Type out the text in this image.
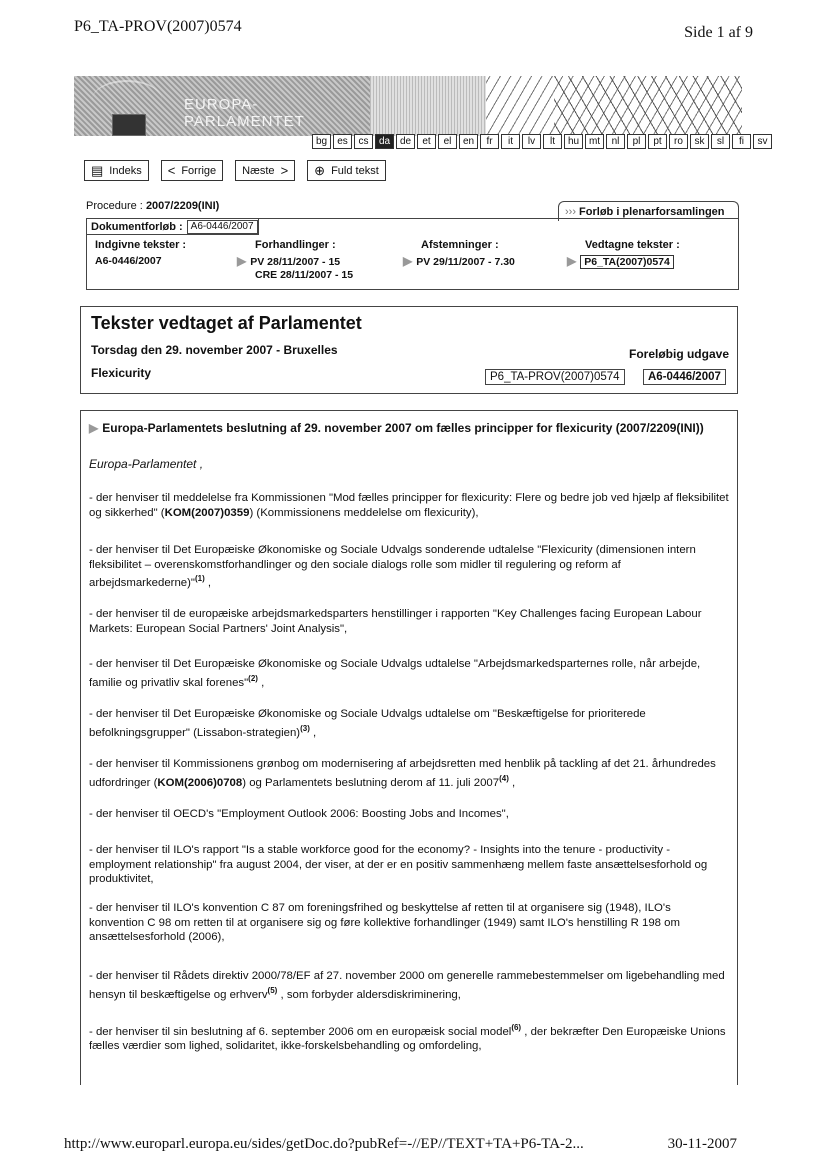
P6_TA-PROV(2007)0574	Side 1 af 9
EUROPA-PARLAMENTET
bg	es	cs	da de	et	el	en	fr	it	lv	lt	hu mt	nl	pl	pt	ro	sk	sl	fi	sv
▤ Indeks < Forrige Næste > ⊕ Fuld tekst
Procedure : 2007/2209(INI)	››› Forløb i plenarforsamlingen
Dokumentforløb : A6-0446/2007
Indgivne tekster :
A6-0446/2007
Forhandlinger :
▶ PV 28/11/2007 - 15
CRE 28/11/2007 - 15
Afstemninger :
▶ PV 29/11/2007 - 7.30
Vedtagne tekster :
▶ P6_TA(2007)0574
Tekster vedtaget af Parlamentet
Torsdag den 29. november 2007 - Bruxelles	Foreløbig udgave
Flexicurity	P6_TA-PROV(2007)0574	A6-0446/2007
▶ Europa-Parlamentets beslutning af 29. november 2007 om fælles principper for flexicurity (2007/2209(INI))
Europa-Parlamentet ,
- der henviser til meddelelse fra Kommissionen "Mod fælles principper for flexicurity: Flere og bedre job ved hjælp af fleksibilitet og sikkerhed" (KOM(2007)0359) (Kommissionens meddelelse om flexicurity),
- der henviser til Det Europæiske Økonomiske og Sociale Udvalgs sonderende udtalelse "Flexicurity (dimensionen intern fleksibilitet – overenskomstforhandlinger og den sociale dialogs rolle som midler til regulering og reform af arbejdsmarkederne)"$^{(1)}$ ,
- der henviser til de europæiske arbejdsmarkedsparters henstillinger i rapporten "Key Challenges facing European Labour Markets: European Social Partners' Joint Analysis",
- der henviser til Det Europæiske Økonomiske og Sociale Udvalgs udtalelse "Arbejdsmarkedsparternes rolle, når arbejde, familie og privatliv skal forenes"$^{(2)}$ ,
- der henviser til Det Europæiske Økonomiske og Sociale Udvalgs udtalelse om "Beskæftigelse for prioriterede befolkningsgrupper" (Lissabon-strategien)$^{(3)}$ ,
- der henviser til Kommissionens grønbog om modernisering af arbejdsretten med henblik på tackling af det 21. århundredes udfordringer (KOM(2006)0708) og Parlamentets beslutning derom af 11. juli 2007$^{(4)}$ ,
- der henviser til OECD's "Employment Outlook 2006: Boosting Jobs and Incomes",
- der henviser til ILO's rapport "Is a stable workforce good for the economy? - Insights into the tenure - productivity - employment relationship" fra august 2004, der viser, at der er en positiv sammenhæng mellem faste ansættelsesforhold og produktivitet,
- der henviser til ILO's konvention C 87 om foreningsfrihed og beskyttelse af retten til at organisere sig (1948), ILO's konvention C 98 om retten til at organisere sig og føre kollektive forhandlinger (1949) samt ILO's henstilling R 198 om ansættelsesforhold (2006),
- der henviser til Rådets direktiv 2000/78/EF af 27. november 2000 om generelle rammebestemmelser om ligebehandling med hensyn til beskæftigelse og erhverv$^{(5)}$ , som forbyder aldersdiskriminering,
- der henviser til sin beslutning af 6. september 2006 om en europæisk social model$^{(6)}$ , der bekræfter Den Europæiske Unions fælles værdier som lighed, solidaritet, ikke-forskelsbehandling og omfordeling,
http://www.europarl.europa.eu/sides/getDoc.do?pubRef=-//EP//TEXT+TA+P6-TA-2...	30-11-2007
